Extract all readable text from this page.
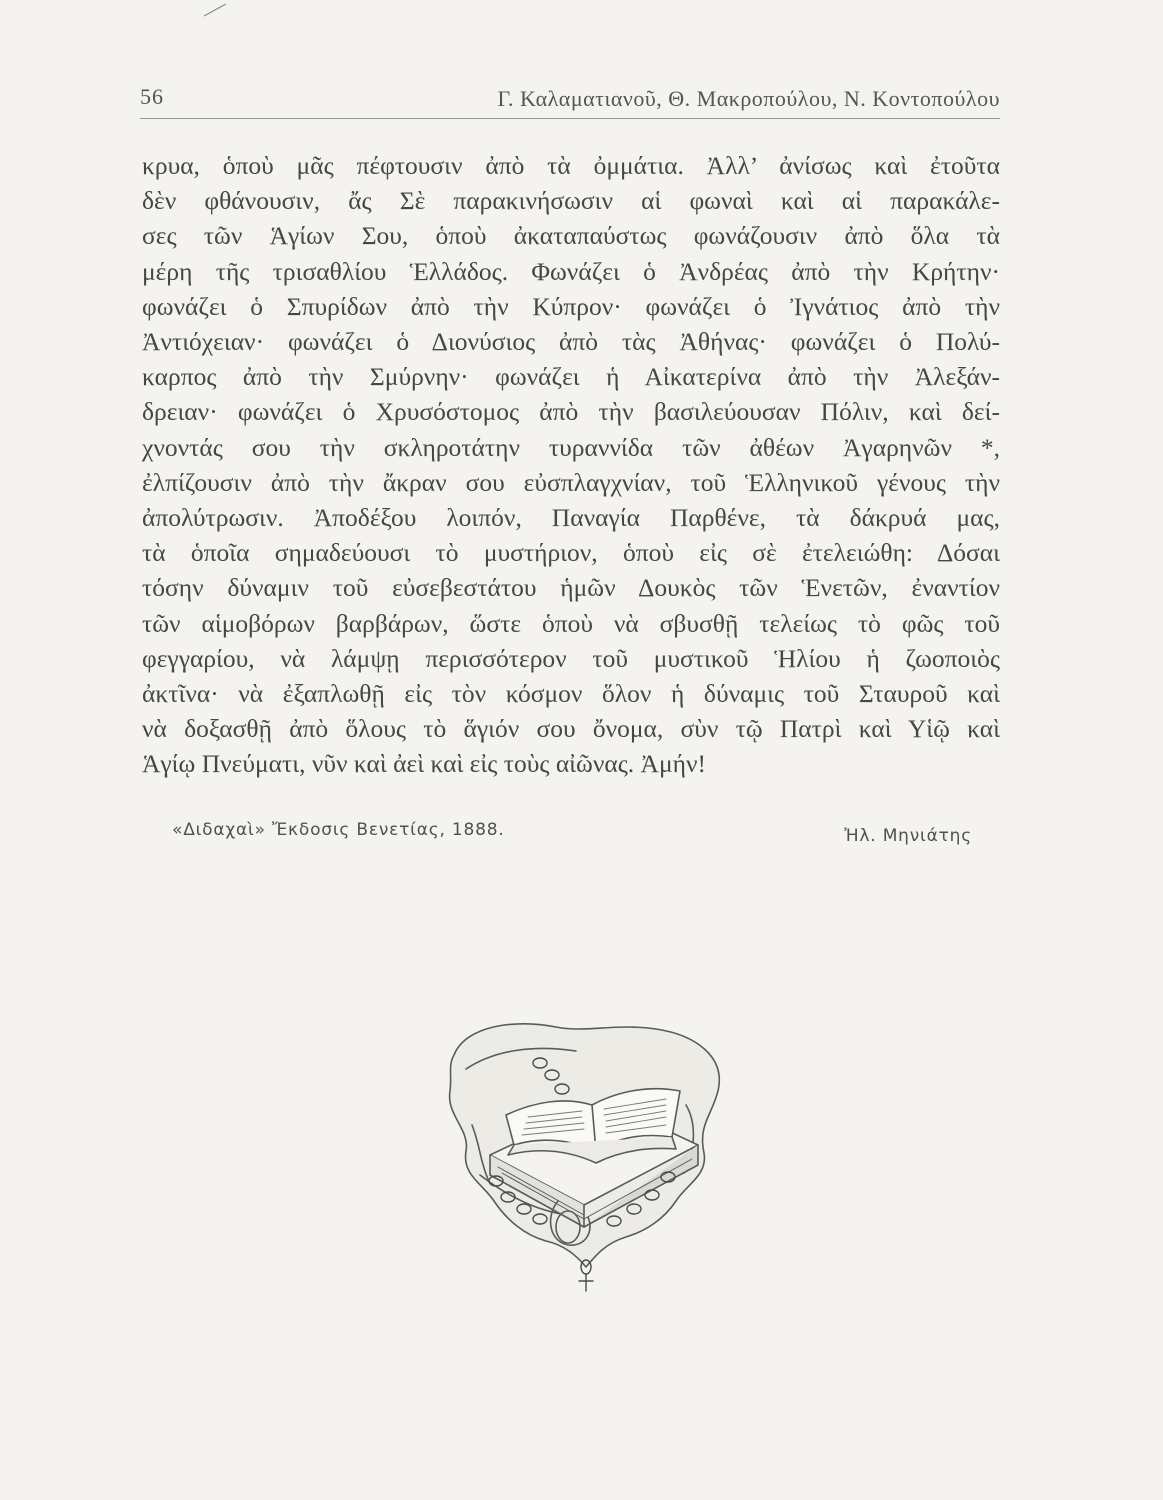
56	Γ. Καλαματιανοῦ, Θ. Μακροπούλου, Ν. Κοντοπούλου
κρυα, ὁποὺ μᾶς πέφτουσιν ἀπὸ τὰ ὀμμάτια. Ἀλλ’ ἀνίσως καὶ ἐτοῦτα
δὲν φθάνουσιν, ἄς Σὲ παρακινήσωσιν αἱ φωναὶ καὶ αἱ παρακάλε-
σες τῶν Ἁγίων Σου, ὁποὺ ἀκαταπαύστως φωνάζουσιν ἀπὸ ὅλα τὰ
μέρη τῆς τρισαθλίου Ἑλλάδος. Φωνάζει ὁ Ἀνδρέας ἀπὸ τὴν Κρήτην·
φωνάζει ὁ Σπυρίδων ἀπὸ τὴν Κύπρον· φωνάζει ὁ Ἰγνάτιος ἀπὸ τὴν
Ἀντιόχειαν· φωνάζει ὁ Διονύσιος ἀπὸ τὰς Ἀθήνας· φωνάζει ὁ Πολύ-
καρπος ἀπὸ τὴν Σμύρνην· φωνάζει ἡ Αἰκατερίνα ἀπὸ τὴν Ἀλεξάν-
δρειαν· φωνάζει ὁ Χρυσόστομος ἀπὸ τὴν βασιλεύουσαν Πόλιν, καὶ δεί-
χνοντάς σου τὴν σκληροτάτην τυραννίδα τῶν ἀθέων Ἀγαρηνῶν *,
ἐλπίζουσιν ἀπὸ τὴν ἄκραν σου εὐσπλαγχνίαν, τοῦ Ἑλληνικοῦ γένους τὴν
ἀπολύτρωσιν. Ἀποδέξου λοιπόν, Παναγία Παρθένε, τὰ δάκρυά μας,
τὰ ὁποῖα σημαδεύουσι τὸ μυστήριον, ὁποὺ εἰς σὲ ἐτελειώθη: Δόσαι
τόσην δύναμιν τοῦ εὐσεβεστάτου ἡμῶν Δουκὸς τῶν Ἑνετῶν, ἐναντίον
τῶν αἱμοβόρων βαρβάρων, ὥστε ὁποὺ νὰ σβυσθῇ τελείως τὸ φῶς τοῦ
φεγγαρίου, νὰ λάμψῃ περισσότερον τοῦ μυστικοῦ Ἡλίου ἡ ζωοποιὸς
ἀκτῖνα· νὰ ἐξαπλωθῇ εἰς τὸν κόσμον ὅλον ἡ δύναμις τοῦ Σταυροῦ καὶ
νὰ δοξασθῇ ἀπὸ ὅλους τὸ ἅγιόν σου ὄνομα, σὺν τῷ Πατρὶ καὶ Υἱῷ καὶ
Ἁγίῳ Πνεύματι, νῦν καὶ ἀεὶ καὶ εἰς τοὺς αἰῶνας. Ἀμήν!
«Διδαχαὶ» Ἔκδοσις Βενετίας, 1888.	Ἠλ. Μηνιάτης
